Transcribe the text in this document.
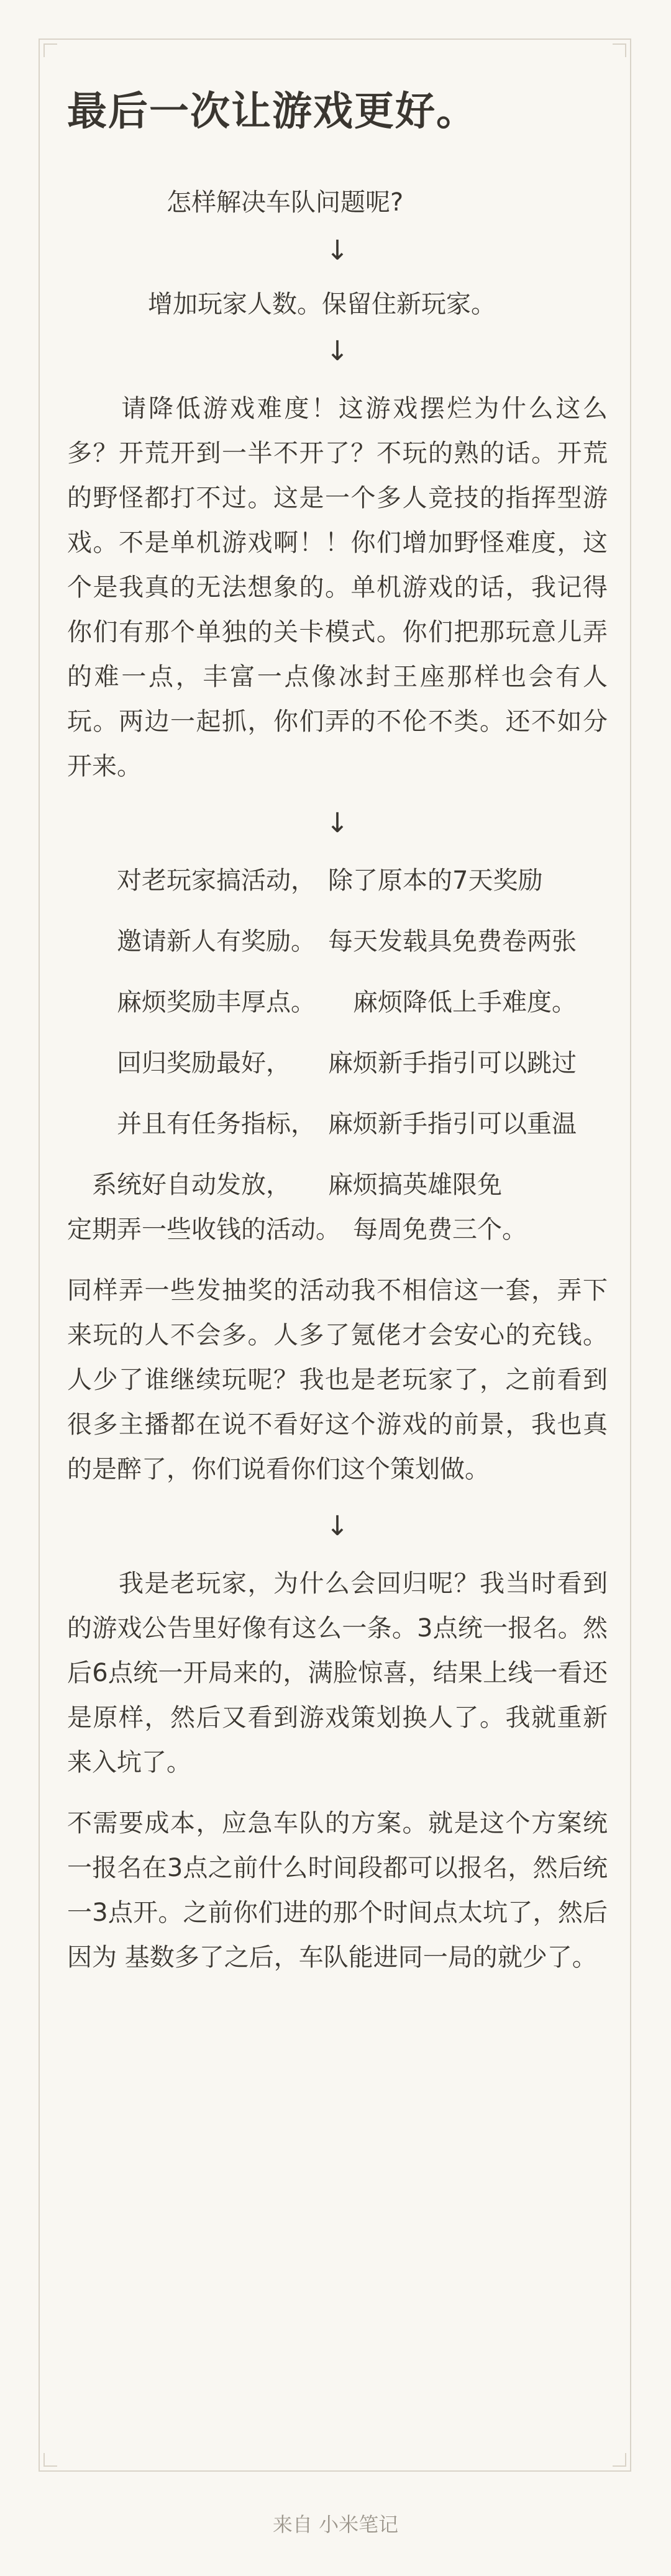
最后一次让游戏更好。

怎样解决车队问题呢?

↓

增加玩家人数。保留住新玩家。

↓

　　请降低游戏难度！这游戏摆烂为什么这么多？开荒开到一半不开了？不玩的熟的话。开荒的野怪都打不过。这是一个多人竞技的指挥型游戏。不是单机游戏啊！！你们增加野怪难度，这个是我真的无法想象的。单机游戏的话，我记得你们有那个单独的关卡模式。你们把那玩意儿弄的难一点，丰富一点像冰封王座那样也会有人玩。两边一起抓，你们弄的不伦不类。还不如分开来。

↓

　　对老玩家搞活动，　除了原本的7天奖励

　　邀请新人有奖励。　每天发载具免费卷两张

　　麻烦奖励丰厚点。　　麻烦降低上手难度。

　　回归奖励最好，　　麻烦新手指引可以跳过

　　并且有任务指标，　麻烦新手指引可以重温

　系统好自动发放，　　麻烦搞英雄限免
定期弄一些收钱的活动。　每周免费三个。

同样弄一些发抽奖的活动我不相信这一套，弄下来玩的人不会多。人多了氪佬才会安心的充钱。人少了谁继续玩呢？我也是老玩家了，之前看到很多主播都在说不看好这个游戏的前景，我也真的是醉了，你们说看你们这个策划做。

↓

　　我是老玩家，为什么会回归呢？我当时看到的游戏公告里好像有这么一条。3点统一报名。然后6点统一开局来的，满脸惊喜，结果上线一看还是原样，然后又看到游戏策划换人了。我就重新来入坑了。

不需要成本，应急车队的方案。就是这个方案统一报名在3点之前什么时间段都可以报名，然后统一3点开。之前你们进的那个时间点太坑了，然后因为 基数多了之后，车队能进同一局的就少了。

来自 小米笔记
